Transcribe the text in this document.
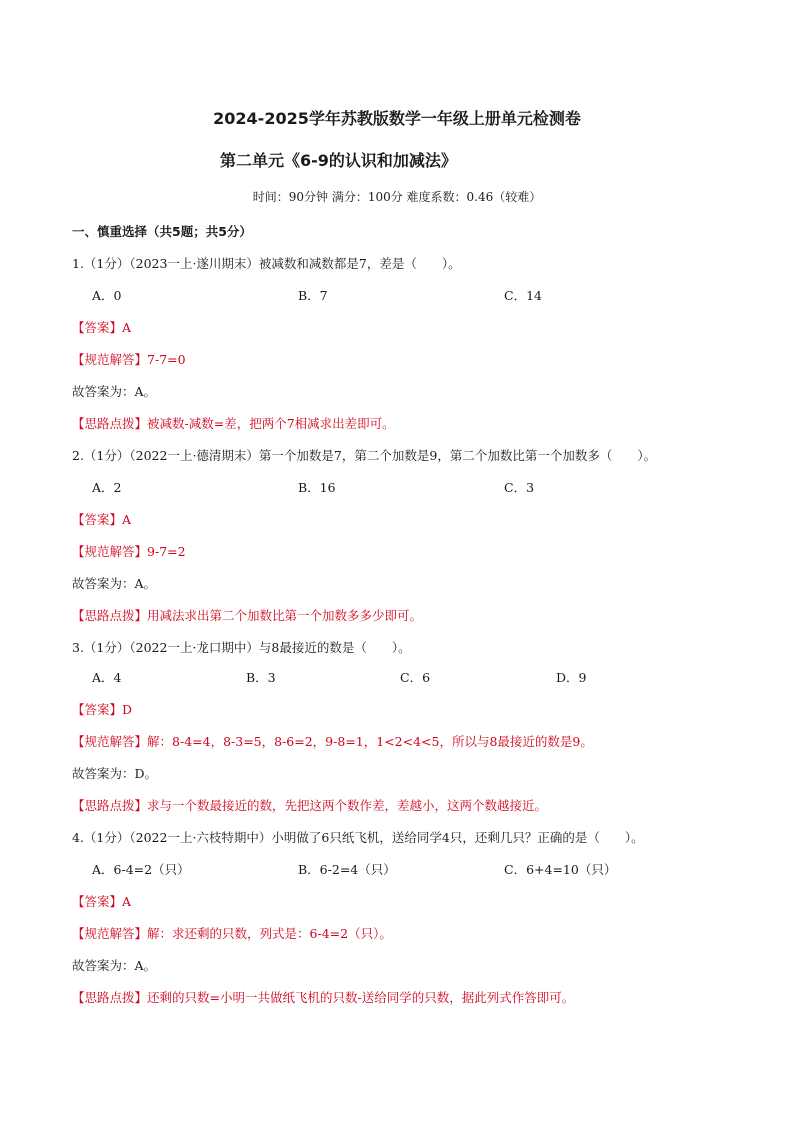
2024-2025学年苏教版数学一年级上册单元检测卷
第二单元《6-9的认识和加减法》
时间：90分钟 满分：100分 难度系数：0.46（较难）
一、慎重选择（共5题；共5分）
1.（1分）（2023一上·遂川期末）被减数和减数都是7，差是（　　）。
A．0	B．7	C．14
【答案】A
【规范解答】7-7=0
故答案为：A。
【思路点拨】被减数-减数=差，把两个7相减求出差即可。
2.（1分）（2022一上·德清期末）第一个加数是7，第二个加数是9，第二个加数比第一个加数多（　　）。
A．2	B．16	C．3
【答案】A
【规范解答】9-7=2
故答案为：A。
【思路点拨】用减法求出第二个加数比第一个加数多多少即可。
3.（1分）（2022一上·龙口期中）与8最接近的数是（　　）。
A．4	B．3	C．6	D．9
【答案】D
【规范解答】解：8-4=4，8-3=5，8-6=2，9-8=1，1<2<4<5，所以与8最接近的数是9。
故答案为：D。
【思路点拨】求与一个数最接近的数，先把这两个数作差，差越小，这两个数越接近。
4.（1分）（2022一上·六枝特期中）小明做了6只纸飞机，送给同学4只，还剩几只？正确的是（　　）。
A．6-4=2（只）	B．6-2=4（只）	C．6+4=10（只）
【答案】A
【规范解答】解：求还剩的只数，列式是：6-4=2（只）。
故答案为：A。
【思路点拨】还剩的只数=小明一共做纸飞机的只数-送给同学的只数，据此列式作答即可。
